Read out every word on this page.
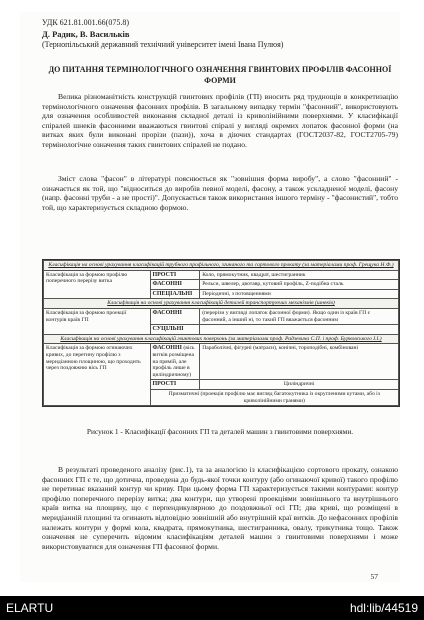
УДК 621.81.001.66(075.8)
Д. Радик, В. Васильків
(Тернопільський державний технічний університет імені Івана Пулюя)
ДО ПИТАННЯ ТЕРМІНОЛОГІЧНОГО ОЗНАЧЕННЯ ГВИНТОВИХ ПРОФІЛІВ ФАСОННОЇ ФОРМИ

Велика різноманітність конструкцій гвинтових профілів (ГП) вносить ряд труднощів в конкретизацію термінологічного означення фасонних профілів. В загальному випадку термін "фасонний", використовують для означення особливостей виконання складної деталі із криволінійними поверхнями. У класифікації спіралей шнеків фасонними вважаються гвинтові спіралі у вигляді окремих лопаток фасонної форми (на витках яких були виконані прорізи (пази)), хоча в діючих стандартах (ГОСТ2037-82, ГОСТ2705-79) термінологічне означення таких гвинтових спіралей не подано.

Зміст слова "фасон" в літературі пояснюється як "зовнішня форма виробу", а слово "фасонний" - означається як той, що "відноситься до виробів певної моделі, фасону, а також ускладненої моделі, фасону (напр. фасонні труби - а не прості)". Допускається також використання іншого терміну - "фасонистий", тобто той, що характеризується складною формою.

Класифікація на основі урахування класифікацій трубного профільного, згинаного та сортового прокату (за матеріалами проф. Грещука Н.Ф.)		
Класифікація за формою профілю поперечного перерізу витка	ПРОСТІ	Коло, прямокутник, квадрат, шестигранник
	ФАСОННІ	Рельси, швелер, двотавр, кутовий профіль, Z-подібна сталь
	СПЕЦІАЛЬНІ	Періодичні, з потовщеннями
Класифікація на основі урахування класифікацій деталей транспортуючих механізмів (шнеків)		
Класифікація за формою проекції контурів країв ГП	ФАСОННІ	(перерізи у вигляді лопаток фасонної форми). Якщо один із країв ГП є фасонний, а інший ні, то такий ГП вважається фасонним
	СУЦІЛЬНІ	
Класифікація на основі урахування класифікацій гвинтових поверхонь (за матеріалами проф. Радзевича С.П. і проф. Бурковського І.І.)		
Класифікація за формою огинаючих кривих, до перетину профілю з меридіанною площиною, що проходить через поздовжню вісь ГП	ФАСОННІ (вісь витків розміщена на прямій, але профіль лише в циліндричному)	Параболічні, фігурні (матраси), конічні, тороподібні, комбіновані
	ПРОСТІ	Циліндричні
	Призматичні (проекція профілю має вигляд багатокутника із округленими кутами, або із криволінійними гранями)	
Рисунок 1 - Класифікації фасонних ГП та деталей машин з гвинтовими поверхнями.

В результаті проведеного аналізу (рис.1), та за аналогією із класифікацією сортового прокату, ознакою фасонних ГП є те, що дотична, проведена до будь-якої точки контуру (або огинаючої кривої) такого профілю не перетинає вказаний контур чи криву. При цьому форма ГП характеризується такими контурами: контур профілю поперечного перерізу витка; два контури, що утворені проекціями зовнішнього та внутрішнього країв витка на площину, що є перпендикулярною до поздовжньої осі ГП; два криві, що розміщені в меридіанній площині та огинають відповідно зовнішній або внутрішній краї витків. До нефасонних профілів належать контури у формі кола, квадрата, прямокутника, шестигранника, овалу, трикутника тощо. Також означення не суперечить відомим класифікаціям деталей машин з гвинтовими поверхнями і може використовуватися для означення ГП фасонної форми.

57
ELARTU	hdl:lib/44519
